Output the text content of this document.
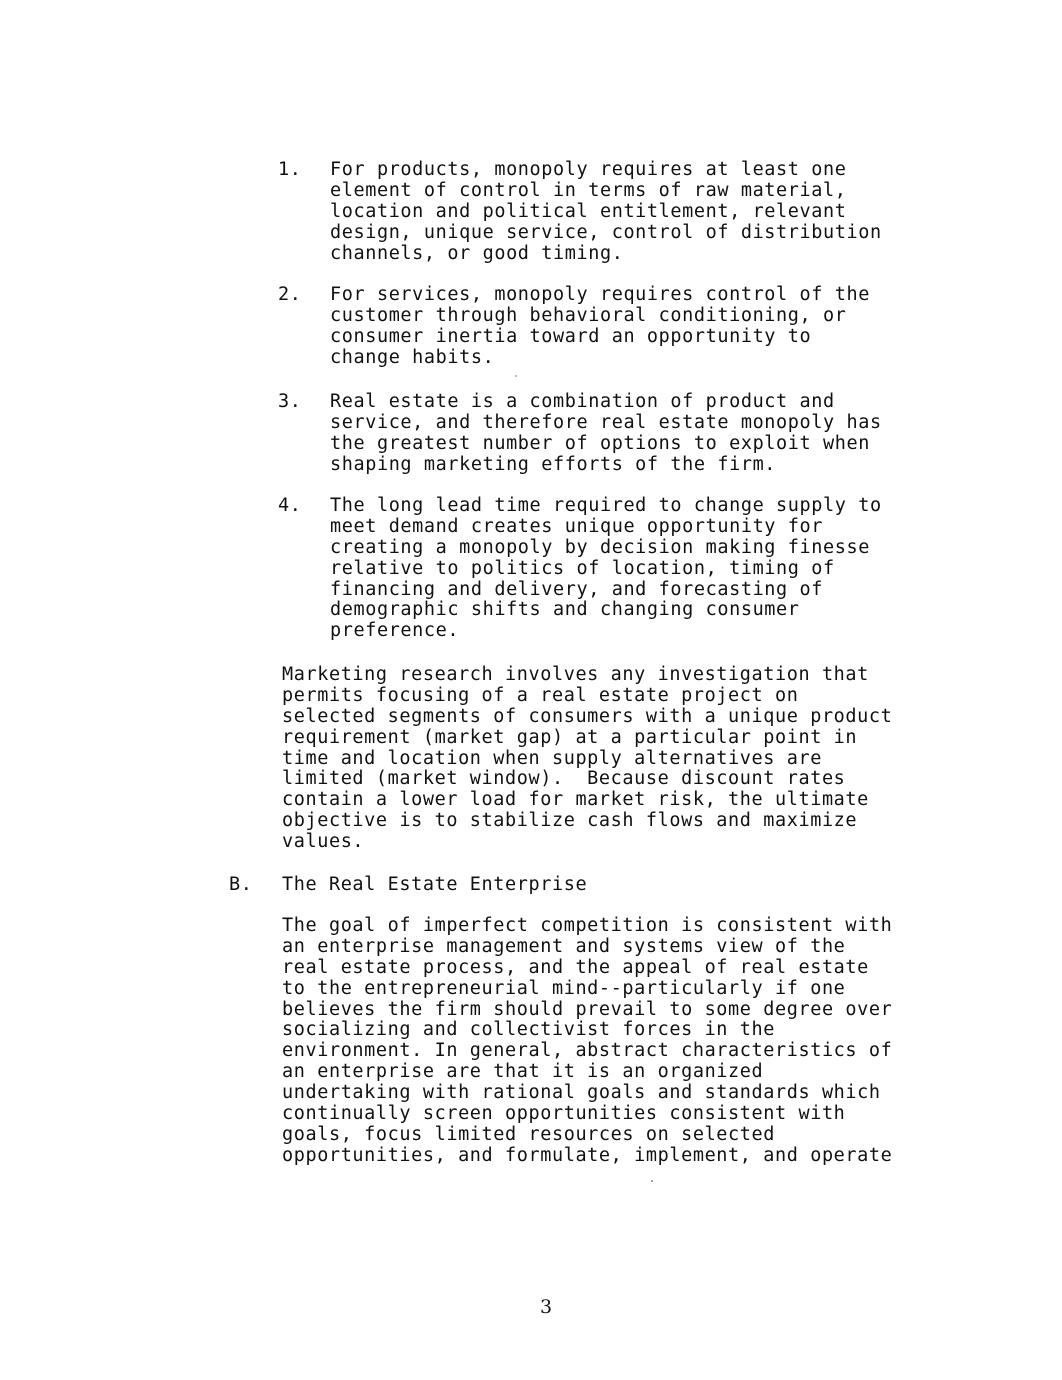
1. For products, monopoly requires at least one
element of control in terms of raw material,
location and political entitlement, relevant
design, unique service, control of distribution
channels, or good timing.
2. For services, monopoly requires control of the
customer through behavioral conditioning, or
consumer inertia toward an opportunity to
change habits.
3. Real estate is a combination of product and
service, and therefore real estate monopoly has
the greatest number of options to exploit when
shaping marketing efforts of the firm.
4. The long lead time required to change supply to
meet demand creates unique opportunity for
creating a monopoly by decision making finesse
relative to politics of location, timing of
financing and delivery, and forecasting of
demographic shifts and changing consumer
preference.
Marketing research involves any investigation that
permits focusing of a real estate project on
selected segments of consumers with a unique product
requirement (market gap) at a particular point in
time and location when supply alternatives are
limited (market window).  Because discount rates
contain a lower load for market risk, the ultimate
objective is to stabilize cash flows and maximize
values.
B. The Real Estate Enterprise
The goal of imperfect competition is consistent with
an enterprise management and systems view of the
real estate process, and the appeal of real estate
to the entrepreneurial mind--particularly if one
believes the firm should prevail to some degree over
socializing and collectivist forces in the
environment. In general, abstract characteristics of
an enterprise are that it is an organized
undertaking with rational goals and standards which
continually screen opportunities consistent with
goals, focus limited resources on selected
opportunities, and formulate, implement, and operate
3
